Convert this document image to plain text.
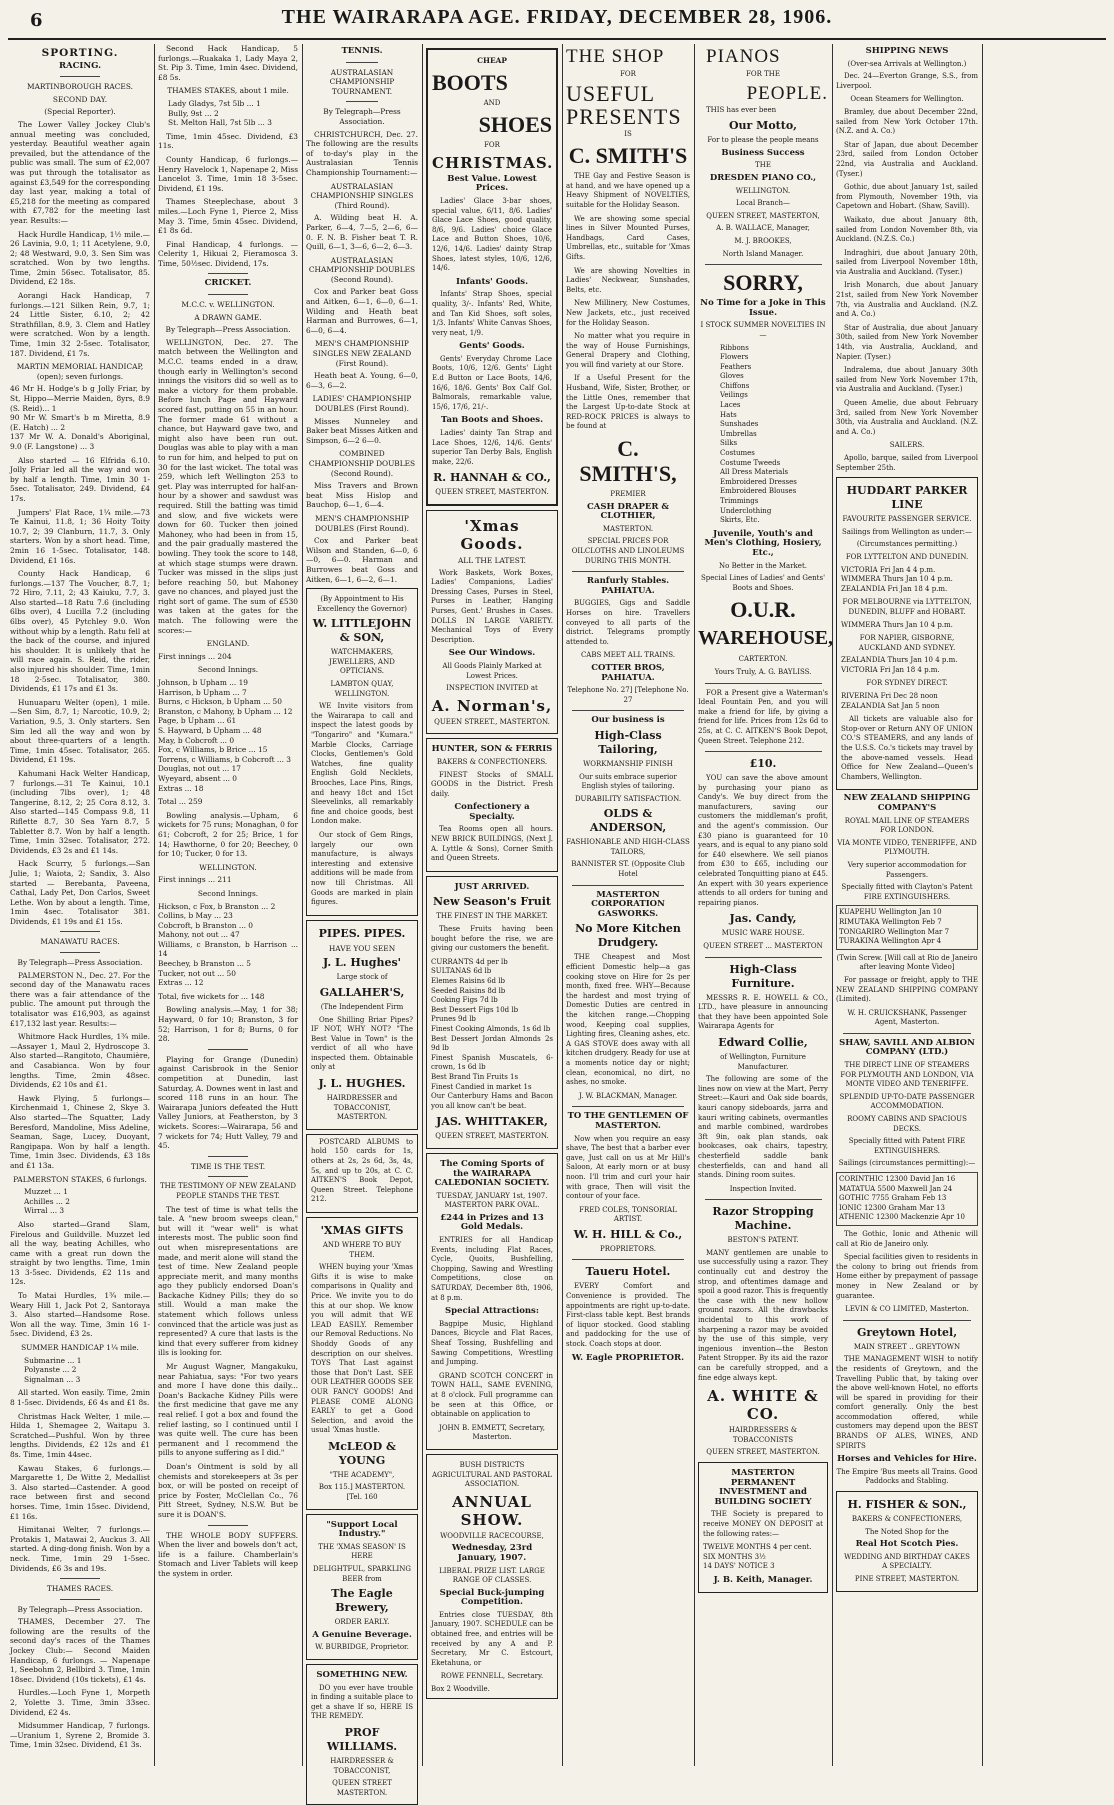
6	THE WAIRARAPA AGE. FRIDAY, DECEMBER 28, 1906.
SPORTING.
RACING.
MARTINBOROUGH RACES.
SECOND DAY.
(Special Reporter).

The Lower Valley Jockey Club's annual meeting was concluded, yesterday. Beautiful weather again prevailed, but the attendance of the public was small. The sum of £2,007 was put through the totalisator as against £3,549 for the corresponding day last year, making a total of £5,218 for the meeting as compared with £7,782 for the meeting last year. Results:—

Hack Hurdle Handicap, 1½ mile.—26 Lavinia, 9.0, 1; 11 Acetylene, 9.0, 2; 48 Westward, 9.0, 3. Sen Sim was scratched. Won by two lengths. Time, 2min 56sec. Totalisator, 85. Dividend, £2 18s.

Aorangi Hack Handicap, 7 furlongs.—121 Silken Rein, 9.7, 1; 24 Little Sister, 6.10, 2; 42 Strathfillan, 8.9, 3. Clem and Hatley were scratched. Won by a length. Time, 1min 32 2-5sec. Totalisator, 187. Dividend, £1 7s.

MARTIN MEMORIAL HANDICAP, (open); seven furlongs.

46 Mr H. Hodge's b g Jolly Friar, by St, Hippo—Merrie Maiden, 8yrs, 8.9 (S. Reid)... 1
90 Mr W. Smart's b m Miretta, 8.9 (E. Hatch) ... 2
137 Mr W. A. Donald's Aboriginal, 9.0 (F. Langstone) ... 3

Also started — 16 Elfrida 6.10. Jolly Friar led all the way and won by half a length. Time, 1min 30 1-5sec. Totalisator, 249. Dividend, £4 17s.

Jumpers' Flat Race, 1¼ mile.—73 Te Kainui, 11.8, 1; 36 Hoity Toity 10.7, 2; 39 Clanburn, 11.7, 3. Only starters. Won by a short head. Time, 2min 16 1-5sec. Totalisator, 148. Dividend, £1 16s.

County Hack Handicap, 6 furlongs.—137 The Voucher, 8.7, 1; 72 Hiro, 7.11, 2; 43 Kaiuku, 7.7, 3. Also started—18 Ratu 7.6 (including 6lbs over), 4 Lucilla 7.2 (including 6lbs over), 45 Pytchley 9.0. Won without whip by a length. Ratu fell at the back of the course, and injured his shoulder. It is unlikely that he will race again. S. Reid, the rider, also injured his shoulder. Time, 1min 18 2-5sec. Totalisator, 380. Dividends, £1 17s and £1 3s.

Hunuaparu Welter (open), 1 mile.—Sen Sim, 8.7, 1; Narcotic, 10.9, 2; Variation, 9.5, 3. Only starters. Sen Sim led all the way and won by about three-quarters of a length. Time, 1min 45sec. Totalisator, 265. Dividend, £1 19s.

Kahumani Hack Welter Handicap, 7 furlongs.—31 Te Kainui, 10.1 (including 7lbs over), 1; 48 Tangerine, 8.12, 2; 25 Cora 8.12, 3. Also started—145 Compass 9.8, 11 Riflette 8.7, 30 Sea Yarn 8.7, 5 Tabletter 8.7. Won by half a length. Time, 1min 32sec. Totalisator, 272. Dividends, £3 2s and £1 14s.

Hack Scurry, 5 furlongs.—San Julie, 1; Waiota, 2; Sandix, 3. Also started — Berebanta, Paveena, Cathal, Lady Pet, Don Carlos, Sweet Lethe. Won by about a length. Time, 1min 4sec. Totalisator 381. Dividends, £1 19s and £1 15s.

MANAWATU RACES.
By Telegraph—Press Association.

PALMERSTON N., Dec. 27. For the second day of the Manawatu races there was a fair attendance of the public. The amount put through the totalisator was £16,903, as against £17,132 last year. Results:—

Whitmore Hack Hurdles, 1¾ mile.—Assayer 1, Maul 2, Hydroscope 3. Also started—Rangitoto, Chaumière, and Casabianca. Won by four lengths. Time, 2min 48sec. Dividends, £2 10s and £1.

Hawk Flying, 5 furlongs—Kirchenmaid 1, Chinese 2, Skye 3. Also started—The Squatter, Lady Beresford, Mandoline, Miss Adeline, Seaman, Sage, Lucey, Duoyant, Rangipapa. Won by half a length. Time, 1min 3sec. Dividends, £3 18s and £1 13a.

PALMERSTON STAKES, 6 furlongs.

Muzzet ... 1
Achilles ... 2
Wirral ... 3

Also started—Grand Slam, Firelous and Guildville. Muzzet led all the way, beating Achilles, who came with a great run down the straight by two lengths. Time, 1min 13 3-5sec. Dividends, £2 11s and 12s.

To Matai Hurdles, 1¾ mile.—Weary Hill 1, Jack Pot 2, Santoraya 3. Also started—Handsome Rose. Won all the way. Time, 3min 16 1-5sec. Dividend, £3 2s.

SUMMER HANDICAP 1¼ mile.

Submarine ... 1
Polyanste ... 2
Signalman ... 3

All started. Won easily. Time, 2min 8 1-5sec. Dividends, £6 4s and £1 8s.

Christmas Hack Welter, 1 mile.—Hilda 1, Shemagee 2, Waitapu 3. Scratched—Pushful. Won by three lengths. Dividends, £2 12s and £1 8s. Time, 1min 44sec.

Kawau Stakes, 6 furlongs.—Margarette 1, De Witte 2, Medallist 3. Also started—Castender. A good race between first and second horses. Time, 1min 15sec. Dividend, £1 16s.

Himitanai Welter, 7 furlongs.—Protakis 1, Matawai 2, Auckus 3. All started. A ding-dong finish. Won by a neck. Time, 1min 29 1-5sec. Dividends, £6 3s and 19s.

THAMES RACES.
By Telegraph—Press Association.

THAMES, December 27. The following are the results of the second day's races of the Thames Jockey Club:— Second Maiden Handicap, 6 furlongs. — Napenape 1, Seebohm 2, Bellbird 3. Time, 1min 18sec. Dividend (10s tickets), £1 4s.

Hurdles.—Loch Fyne 1, Morpeth 2, Yolette 3. Time, 3min 33sec. Dividend, £2 4s.

Midsummer Handicap, 7 furlongs. —Uranium 1, Syrene 2, Bromide 3. Time, 1min 32sec. Dividend, £1 3s.

Second Hack Handicap, 5 furlongs.—Ruakaka 1, Lady Maya 2, St. Pip 3. Time, 1min 4sec. Dividend, £8 5s.

THAMES STAKES, about 1 mile.

Lady Gladys, 7st 5lb ... 1
Bully, 9st ... 2
St. Melton Hall, 7st 5lb ... 3

Time, 1min 45sec. Dividend, £3 11s.

County Handicap, 6 furlongs.—Henry Havelock 1, Napenape 2, Miss Lancelot 3. Time, 1min 18 3-5sec. Dividend, £1 19s.

Thames Steeplechase, about 3 miles.—Loch Fyne 1, Pierce 2, Miss May 3. Time, 5min 45sec. Dividend, £1 8s 6d.

Final Handicap, 4 furlongs. — Celerity 1, Hikuai 2, Fieramosca 3. Time, 50½sec. Dividend, 17s.

CRICKET.
M.C.C. v. WELLINGTON.
A DRAWN GAME.
By Telegraph—Press Association.

WELLINGTON, Dec. 27. The match between the Wellington and M.C.C. teams ended in a draw, though early in Wellington's second innings the visitors did so well as to make a victory for them probable. Before lunch Page and Hayward scored fast, putting on 55 in an hour. The former made 61 without a chance, but Hayward gave two, and might also have been run out. Douglas was able to play with a man to run for him, and helped to put on 30 for the last wicket. The total was 259, which left Wellington 253 to get. Play was interrupted for half-an-hour by a shower and sawdust was required. Still the batting was timid and slow, and five wickets were down for 60. Tucker then joined Mahoney, who had been in from 15, and the pair gradually mastered the bowling. They took the score to 148, at which stage stumps were drawn. Tucker was missed in the slips just before reaching 50, but Mahoney gave no chances, and played just the right sort of game. The sum of £530 was taken at the gates for the match. The following were the scores:—

ENGLAND.

First innings ... 204

Second Innings.

Johnson, b Upham ... 19
Harrison, b Upham ... 7
Burns, c Hickson, b Upham ... 50
Branston, c Mahony, b Upham ... 12
Page, b Upham ... 61
S. Hayward, b Upham ... 48
May, b Cobcroft ... 0
Fox, c Williams, b Brice ... 15
Torrens, c Williams, b Cobcroft ... 3
Douglas, not out ... 17
Wyeyard, absent ... 0
Extras ... 18

Total ... 259

Bowling analysis.—Upham, 6 wickets for 75 runs; Monaghan, 0 for 61; Cobcroft, 2 for 25; Brice, 1 for 14; Hawthorne, 0 for 20; Beechey, 0 for 10; Tucker, 0 for 13.

WELLINGTON.

First innings ... 211

Second Innings.

Hickson, c Fox, b Branston ... 2
Collins, b May ... 23
Cobcroft, b Branston ... 0
Mahony, not out ... 47
Williams, c Branston, b Harrison ... 14
Beechey, b Branston ... 5
Tucker, not out ... 50
Extras ... 12

Total, five wickets for ... 148

Bowling analysis.—May, 1 for 38; Hayward, 0 for 10; Branston, 3 for 52; Harrison, 1 for 8; Burns, 0 for 28.

Playing for Grange (Dunedin) against Carisbrook in the Senior competition at Dunedin, last Saturday, A. Downes went in last and scored 118 runs in an hour. The Wairarapa Juniors defeated the Hutt Valley Juniors, at Featherston, by 3 wickets. Scores:—Wairarapa, 56 and 7 wickets for 74; Hutt Valley, 79 and 45.

TIME IS THE TEST.
THE TESTIMONY OF NEW ZEALAND PEOPLE STANDS THE TEST.

The test of time is what tells the tale. A "new broom sweeps clean," but will it "wear well" is what interests most. The public soon find out when misrepresentations are made, and merit alone will stand the test of time. New Zealand people appreciate merit, and many months ago they publicly endorsed Doan's Backache Kidney Pills; they do so still. Would a man make the statement which follows unless convinced that the article was just as represented? A cure that lasts is the kind that every sufferer from kidney ills is looking for.

Mr August Wagner, Mangakuku, near Pahiatua, says: "For two years and more I have done this daily... Doan's Backache Kidney Pills were the first medicine that gave me any real relief. I got a box and found the relief lasting, so I continued until I was quite well. The cure has been permanent and I recommend the pills to anyone suffering as I did."

Doan's Ointment is sold by all chemists and storekeepers at 3s per box, or will be posted on receipt of price by Foster, McClellan Co., 76 Pitt Street, Sydney, N.S.W. But be sure it is DOAN'S.

THE WHOLE BODY SUFFERS. When the liver and bowels don't act, life is a failure. Chamberlain's Stomach and Liver Tablets will keep the system in order.

TENNIS.
AUSTRALASIAN CHAMPIONSHIP TOURNAMENT.
By Telegraph—Press Association.

CHRISTCHURCH, Dec. 27. The following are the results of to-day's play in the Australasian Tennis Championship Tournament:—

AUSTRALASIAN CHAMPIONSHIP SINGLES (Third Round).

A. Wilding beat H. A. Parker, 6—4, 7—5, 2—6, 6—0. F. N. B. Fisher beat T. R. Quill, 6—1, 3—6, 6—2, 6—3.

AUSTRALASIAN CHAMPIONSHIP DOUBLES (Second Round).

Cox and Parker beat Goss and Aitken, 6—1, 6—0, 6—1. Wilding and Heath beat Harman and Burrowes, 6—1, 6—0, 6—4.

MEN'S CHAMPIONSHIP SINGLES NEW ZEALAND (First Round).

Heath beat A. Young, 6—0, 6—3, 6—2.

LADIES' CHAMPIONSHIP DOUBLES (First Round).

Misses Nunneley and Baker beat Misses Aitken and Simpson, 6—2 6—0.

COMBINED CHAMPIONSHIP DOUBLES (Second Round).

Miss Travers and Brown beat Miss Hislop and Bauchop, 6—1, 6—4.

MEN'S CHAMPIONSHIP DOUBLES (First Round).

Cox and Parker beat Wilson and Standen, 6—0, 6—0, 6—0. Harman and Burrowes beat Goss and Aitken, 6—1, 6—2, 6—1.

(By Appointment to His Excellency the Governor)
W. LITTLEJOHN & SON,
WATCHMAKERS, JEWELLERS, AND OPTICIANS.
LAMBTON QUAY, WELLINGTON.

WE Invite visitors from the Wairarapa to call and inspect the latest goods by "Tongariro" and "Kumara." Marble Clocks, Carriage Clocks, Gentlemen's Gold Watches, fine quality English Gold Necklets, Brooches, Lace Pins, Rings, and heavy 18ct and 15ct Sleevelinks, all remarkably fine and choice goods, best London make.

Our stock of Gem Rings, largely our own manufacture, is always interesting and extensive additions will be made from now till Christmas. All Goods are marked in plain figures.

PIPES. PIPES.
HAVE YOU SEEN
J. L. Hughes'
Large stock of
GALLAHER'S,
(The Independent Firm

One Shilling Briar Pipes? IF NOT, WHY NOT? "The Best Value in Town" is the verdict of all who have inspected them. Obtainable only at

J. L. HUGHES.
HAIRDRESSER and TOBACCONIST, MASTERTON.

POSTCARD ALBUMS to hold 150 cards for 1s, others at 2s, 2s 6d, 3s, 4s, 5s, and up to 20s, at C. C. AITKEN'S Book Depot, Queen Street. Telephone 212.

'XMAS GIFTS
AND WHERE TO BUY THEM.

WHEN buying your 'Xmas Gifts it is wise to make comparisons in Quality and Price. We invite you to do this at our shop. We know you will admit that WE LEAD EASILY. Remember our Removal Reductions. No Shoddy Goods of any description on our shelves. TOYS That Last against those that Don't Last. SEE OUR LEATHER GOODS SEE OUR FANCY GOODS! And PLEASE COME ALONG EARLY to get a Good Selection, and avoid the usual 'Xmas hustle.

McLEOD & YOUNG
"THE ACADEMY",
Box 115.] MASTERTON. [Tel. 160
"Support Local Industry."
THE 'XMAS SEASON' IS HERE
DELIGHTFUL, SPARKLING BEER from
The Eagle Brewery,
ORDER EARLY.
A Genuine Beverage.
W. BURBIDGE, Proprietor.
SOMETHING NEW.

DO you ever have trouble in finding a suitable place to get a shave If so, HERE IS THE REMEDY.

PROF WILLIAMS.
HAIRDRESSER & TOBACCONIST,
QUEEN STREET MASTERTON.
CHEAP
BOOTS
AND
SHOES
FOR
CHRISTMAS.
Best Value. Lowest Prices.

Ladies' Glace 3-bar shoes, special value, 6/11, 8/6. Ladies' Glace Lace Shoes, good quality, 8/6, 9/6. Ladies' choice Glace Lace and Button Shoes, 10/6, 12/6, 14/6. Ladies' dainty Strap Shoes, latest styles, 10/6, 12/6, 14/6.

Infants' Goods.

Infants' Strap Shoes, special quality, 3/-. Infants' Red, White, and Tan Kid Shoes, soft soles, 1/3. Infants' White Canvas Shoes, very neat, 1/9.

Gents' Goods.

Gents' Everyday Chrome Lace Boots, 10/6, 12/6. Gents' Light E.d Button or Lace Boots, 14/6, 16/6, 18/6. Gents' Box Calf Gol. Balmorals, remarkable value, 15/6, 17/6, 21/-.

Tan Boots and Shoes.

Ladies' dainty Tan Strap and Lace Shoes, 12/6, 14/6. Gents' superior Tan Derby Bals, English make, 22/6.

R. HANNAH & CO.,
QUEEN STREET, MASTERTON.
'Xmas Goods.
ALL THE LATEST.

Work Baskets, Work Boxes, Ladies' Companions, Ladies' Dressing Cases, Purses in Steel, Purses in Leather, Hanging Purses, Gent.' Brushes in Cases. DOLLS IN LARGE VARIETY. Mechanical Toys of Every Description.

See Our Windows.
All Goods Plainly Marked at Lowest Prices.
INSPECTION INVITED at
A. Norman's,
QUEEN STREET., MASTERTON.
HUNTER, SON & FERRIS
BAKERS & CONFECTIONERS.

FINEST Stocks of SMALL GOODS in the District. Fresh daily.

Confectionery a Specialty.

Tea Rooms open all hours. NEW BRICK BUILDINGS, (Next J. A. Lyttle & Sons), Corner Smith and Queen Streets.

JUST ARRIVED.
New Season's Fruit
THE FINEST IN THE MARKET.

These Fruits having been bought before the rise, we are giving our customers the benefit.

CURRANTS 4d per lb
SULTANAS 6d lb
Elemes Raisins 6d lb
Seeded Raisins 8d lb
Cooking Figs 7d lb
Best Dessert Figs 10d lb
Prunes 9d lb
Finest Cooking Almonds, 1s 6d lb
Best Dessert Jordan Almonds 2s 9d lb
Finest Spanish Muscatels, 6-crown, 1s 6d lb
Best Brand Tin Fruits 1s
Finest Candied in market 1s
Our Canterbury Hams and Bacon you all know can't be beat.

JAS. WHITTAKER,
QUEEN STREET, MASTERTON.
The Coming Sports of the WAIRARAPA CALEDONIAN SOCIETY.
TUESDAY, JANUARY 1st, 1907. MASTERTON PARK OVAL.
£244 in Prizes and 13 Gold Medals.

ENTRIES for all Handicap Events, including Flat Races, Cycle, Quoits, Bushfelling, Chopping, Sawing and Wrestling Competitions, close on SATURDAY, December 8th, 1906, at 8 p.m.

Special Attractions:

Bagpipe Music, Highland Dances, Bicycle and Flat Races, Sheaf Tossing, Bushfelling and Sawing Competitions, Wrestling and Jumping.

GRAND SCOTCH CONCERT in TOWN HALL, SAME EVENING, at 8 o'clock. Full programme can be seen at this Office, or obtainable on application to

JOHN B. EMMETT, Secretary, Masterton.
BUSH DISTRICTS AGRICULTURAL AND PASTORAL ASSOCIATION.
ANNUAL SHOW.
WOODVILLE RACECOURSE,
Wednesday, 23rd January, 1907.
LIBERAL PRIZE LIST. LARGE RANGE OF CLASSES.
Special Buck-jumping Competition.

Entries close TUESDAY, 8th January, 1907. SCHEDULE can be obtained free, and entries will be received by any A and P. Secretary, Mr C. Estcourt, Eketahuna, or

ROWE FENNELL, Secretary.
Box 2 Woodville.
THE SHOP
FOR
USEFUL
PRESENTS
IS
C. SMITH'S

THE Gay and Festive Season is at hand, and we have opened up a Heavy Shipment of NOVELTIES, suitable for the Holiday Season.

We are showing some special lines in Silver Mounted Purses, Handbags, Card Cases, Umbrellas, etc., suitable for 'Xmas Gifts.

We are showing Novelties in Ladies' Neckwear, Sunshades, Belts, etc.

New Millinery, New Costumes, New Jackets, etc., just received for the Holiday Season.

No matter what you require in the way of House Furnishings, General Drapery and Clothing, you will find variety at our Store.

If a Useful Present for the Husband, Wife, Sister, Brother, or the Little Ones, remember that the Largest Up-to-date Stock at RED-ROCK PRICES is always to be found at

C. SMITH'S,
PREMIER
CASH DRAPER & CLOTHIER,
MASTERTON.
SPECIAL PRICES FOR OILCLOTHS AND LINOLEUMS DURING THIS MONTH.
Ranfurly Stables. PAHIATUA.

BUGGIES, Gigs and Saddle Horses on hire. Travellers conveyed to all parts of the district. Telegrams promptly attended to.

CABS MEET ALL TRAINS.
COTTER BROS, PAHIATUA.
Telephone No. 27] [Telephone No. 27
Our business is
High-Class Tailoring,
WORKMANSHIP FINISH
Our suits embrace superior English styles of tailoring.
DURABILITY SATISFACTION.
OLDS & ANDERSON,
FASHIONABLE AND HIGH-CLASS TAILORS,
BANNISTER ST. (Opposite Club Hotel
MASTERTON CORPORATION GASWORKS.
No More Kitchen Drudgery.

THE Cheapest and Most efficient Domestic help—a gas cooking stove on Hire for 2s per month, fixed free. WHY—Because the hardest and most trying of Domestic Duties are centred in the kitchen range.—Chopping wood, Keeping coal supplies, Lighting fires, Cleaning ashes, etc. A GAS STOVE does away with all kitchen drudgery. Ready for use at a moments notice day or night; clean, economical, no dirt, no ashes, no smoke.

J. W. BLACKMAN, Manager.
TO THE GENTLEMEN OF MASTERTON.

Now when you require an easy shave, The best that a barber ever gave, Just call on us at Mr Hill's Saloon, At early morn or at busy noon. I'll trim and curl your hair with grace, Then will visit the contour of your face.

FRED COLES, TONSORIAL ARTIST.
W. H. HILL & Co.,
PROPRIETORS.
Taueru Hotel.

EVERY Comfort and Convenience is provided. The appointments are right up-to-date. First-class table kept. Best brands of liquor stocked. Good stabling and paddocking for the use of stock. Coach stops at door.

W. Eagle PROPRIETOR.
PIANOS
FOR THE
PEOPLE.

THIS has ever been

Our Motto,
For to please the people means
Business Success
THE
DRESDEN PIANO CO.,
WELLINGTON.
Local Branch—
QUEEN STREET, MASTERTON,
A. B. WALLACE, Manager,
M. J. BROOKES,
North Island Manager.
SORRY,
No Time for a Joke in This Issue.
I STOCK SUMMER NOVELTIES IN—

Ribbons
Flowers
Feathers
Gloves
Chiffons
Veilings
Laces
Hats
Sunshades
Umbrellas
Silks
Costumes
Costume Tweeds
All Dress Materials
Embroidered Dresses
Embroidered Blouses
Trimmings
Underclothing
Skirts, Etc.

Juvenile, Youth's and Men's Clothing, Hosiery, Etc.,
No Better in the Market.
Special Lines of Ladies' and Gents' Boots and Shoes.
O.U.R.
WAREHOUSE,
CARTERTON.
Yours Truly, A. G. BAYLISS.

FOR a Present give a Waterman's Ideal Fountain Pen, and you will make a friend for life, by giving a friend for life. Prices from 12s 6d to 25s, at C. C. AITKEN'S Book Depot, Queen Street. Telephone 212.

£10.

YOU can save the above amount by purchasing your piano as Candy's. We buy direct from the manufacturers, saving our customers the middleman's profit, and the agent's commission. Our £30 piano is guaranteed for 10 years, and is equal to any piano sold for £40 elsewhere. We sell pianos from £30 to £65, including our celebrated Tonquitting piano at £45. An expert with 30 years experience attends to all orders for tuning and repairing pianos.

Jas. Candy,
MUSIC WARE HOUSE.
QUEEN STREET ... MASTERTON
High-Class Furniture.

MESSRS R. E. HOWELL & CO., LTD., have pleasure in announcing that they have been appointed Sole Wairarapa Agents for

Edward Collie,
of Wellington, Furniture Manufacturer.

The following are some of the lines now on view at the Mart, Perry Street:—Kauri and Oak side boards, kauri canopy sideboards, jarra and kauri writing cabinets, overmantles and marble combined, wardrobes 3ft 9in, oak plan stands, oak bookcases, oak chairs, tapestry, chesterfield saddle bank chesterfields, can and hand all stands. Dining room suites.

Inspection Invited.
Razor Stropping Machine.
BESTON'S PATENT.

MANY gentlemen are unable to use successfully using a razor. They continually cut and destroy the strop, and oftentimes damage and spoil a good razor. This is frequently the case with the new hollow ground razors. All the drawbacks incidental to this work of sharpening a razor may be avoided by the use of this simple, very ingenious invention—the Beston Patent Stropper. By its aid the razor can be carefully stropped, and a fine edge always kept.

A. WHITE & CO.
HAIRDRESSERS & TOBACCONISTS
QUEEN STREET, MASTERTON.
MASTERTON PERMANENT INVESTMENT and BUILDING SOCIETY

THE Society is prepared to receive MONEY ON DEPOSIT at the following rates:—

TWELVE MONTHS 4 per cent.
SIX MONTHS 3½
14 DAYS' NOTICE 3

J. B. Keith, Manager.
SHIPPING NEWS
(Over-sea Arrivals at Wellington.)

Dec. 24—Everton Grange, S.S., from Liverpool.

Ocean Steamers for Wellington.

Bramley, due about December 22nd, sailed from New York October 17th. (N.Z. and A. Co.)

Star of Japan, due about December 23rd, sailed from London October 22nd, via Australia and Auckland. (Tyser.)

Gothic, due about January 1st, sailed from Plymouth, November 19th, via Capetown and Hobart. (Shaw, Savill).

Waikato, due about January 8th, sailed from London November 8th, via Auckland. (N.Z.S. Co.)

Indraghiri, due about January 20th, sailed from Liverpool November 18th, via Australia and Auckland. (Tyser.)

Irish Monarch, due about January 21st, sailed from New York November 7th, via Australia and Auckland. (N.Z. and A. Co.)

Star of Australia, due about January 30th, sailed from New York November 14th, via Australia, Auckland, and Napier. (Tyser.)

Indralema, due about January 30th sailed from New York November 17th, via Australia and Auckland. (Tyser.)

Queen Amelie, due about February 3rd, sailed from New York November 30th, via Australia and Auckland. (N.Z. and A. Co.)

SAILERS.

Apollo, barque, sailed from Liverpool September 25th.

HUDDART PARKER LINE
FAVOURITE PASSENGER SERVICE.
Sailings from Wellington as under:—
(Circumstances permitting.)
FOR LYTTELTON AND DUNEDIN.

VICTORIA Fri Jan 4 4 p.m.
WIMMERA Thurs Jan 10 4 p.m.
ZEALANDIA Fri Jan 18 4 p.m.

FOR MELBOURNE via LYTTELTON, DUNEDIN, BLUFF and HOBART.

WIMMERA Thurs Jan 10 4 p.m.

FOR NAPIER, GISBORNE, AUCKLAND AND SYDNEY.

ZEALANDIA Thurs Jan 10 4 p.m.
VICTORIA Fri Jan 18 4 p.m.

FOR SYDNEY DIRECT.

RIVERINA Fri Dec 28 noon
ZEALANDIA Sat Jan 5 noon

All tickets are valuable also for Stop-over or Return ANY OF UNION CO.'S STEAMERS, and any lands of the U.S.S. Co.'s tickets may travel by the above-named vessels. Head Office for New Zealand—Queen's Chambers, Wellington.

NEW ZEALAND SHIPPING COMPANY'S
ROYAL MAIL LINE OF STEAMERS FOR LONDON.
VIA MONTE VIDEO, TENERIFFE, AND PLYMOUTH.
Very superior accommodation for Passengers.
Specially fitted with Clayton's Patent FIRE EXTINGUISHERS.

KUAPEHU Wellington Jan 10
RIMUTAKA Wellington Feb 7
TONGARIRO Wellington Mar 7
TURAKINA Wellington Apr 4

(Twin Screw. [Will call at Rio de Janeiro after leaving Monte Video]

For passage or freight, apply to THE NEW ZEALAND SHIPPING COMPANY (Limited).

W. H. CRUICKSHANK, Passenger Agent, Masterton.
SHAW, SAVILL AND ALBION COMPANY (LTD.)
THE DIRECT LINE OF STEAMERS FOR PLYMOUTH AND LONDON, VIA MONTE VIDEO AND TENERIFFE.
SPLENDID UP-TO-DATE PASSENGER ACCOMMODATION.
ROOMY CABINS AND SPACIOUS DECKS.
Specially fitted with Patent FIRE EXTINGUISHERS.
Sailings (circumstances permitting):—

CORINTHIC 12300 David Jan 16
MATATUA 5500 Maxwell Jan 24
GOTHIC 7755 Graham Feb 13
IONIC 12300 Graham Mar 13
ATHENIC 12300 Mackenzie Apr 10

The Gothic, Ionic and Athenic will call at Rio de Janeiro only.

Special facilities given to residents in the colony to bring out friends from Home either by prepayment of passage money in New Zealand or by guarantee.

LEVIN & CO LIMITED, Masterton.
Greytown Hotel,
MAIN STREET .. GREYTOWN

THE MANAGEMENT WISH to notify the residents of Greytown, and the Travelling Public that, by taking over the above well-known Hotel, no efforts will be spared in providing for their comfort generally. Only the best accommodation offered, while customers may depend upon the BEST BRANDS OF ALES, WINES, AND SPIRITS

Horses and Vehicles for Hire.
The Empire 'Bus meets all Trains. Good Paddocks and Stabling.
H. FISHER & SON.,
BAKERS & CONFECTIONERS,
The Noted Shop for the
Real Hot Scotch Pies.
WEDDING AND BIRTHDAY CAKES A SPECIALTY.
PINE STREET, MASTERTON.
